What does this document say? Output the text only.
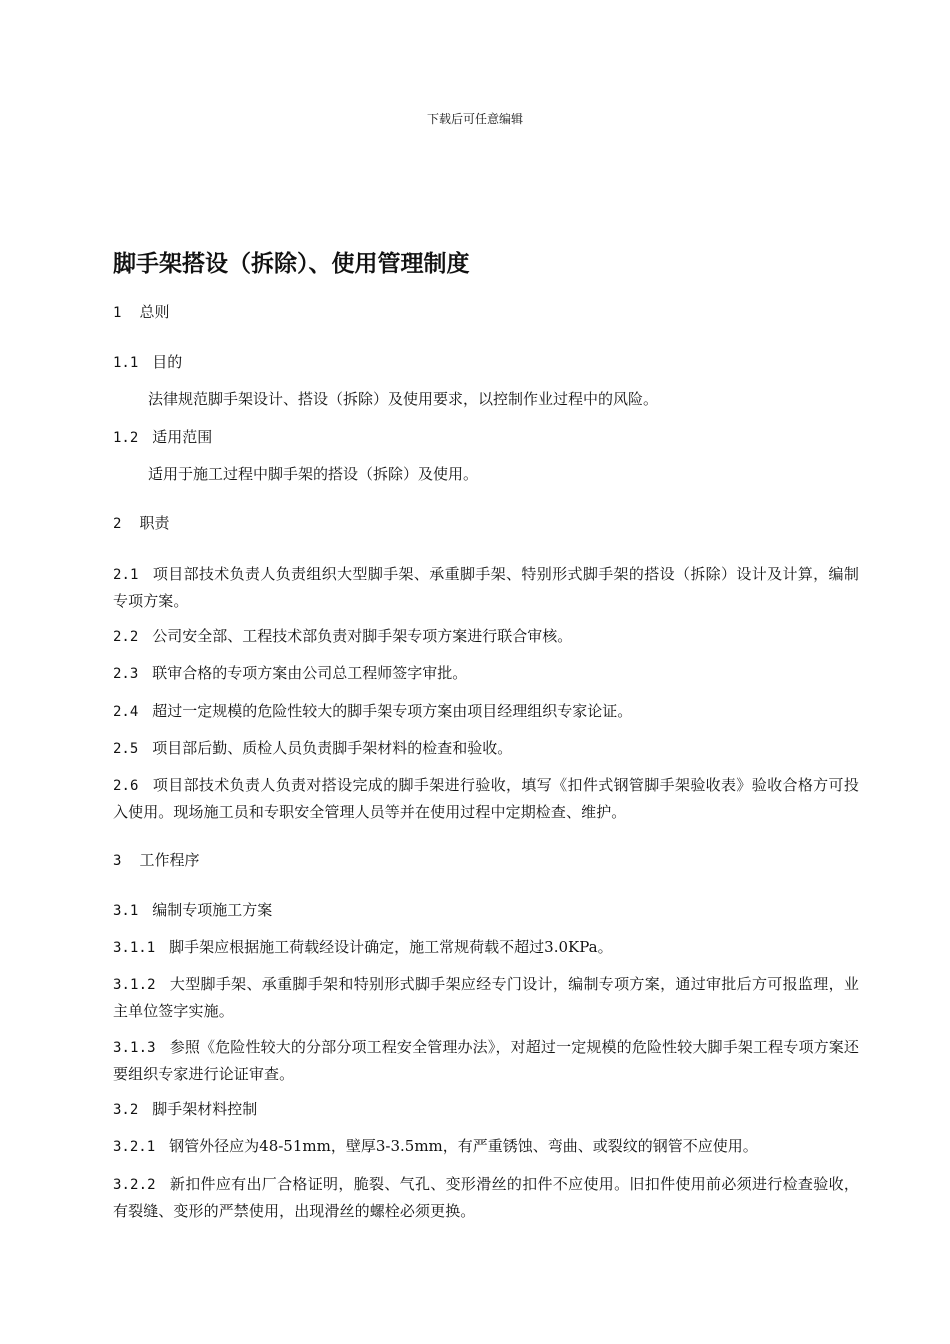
下载后可任意编辑
脚手架搭设（拆除）、使用管理制度

1 总则

1.1 目的

法律规范脚手架设计、搭设（拆除）及使用要求，以控制作业过程中的风险。

1.2 适用范围

适用于施工过程中脚手架的搭设（拆除）及使用。

2 职责

2.1 项目部技术负责人负责组织大型脚手架、承重脚手架、特别形式脚手架的搭设（拆除）设计及计算，编制专项方案。

2.2 公司安全部、工程技术部负责对脚手架专项方案进行联合审核。

2.3 联审合格的专项方案由公司总工程师签字审批。

2.4 超过一定规模的危险性较大的脚手架专项方案由项目经理组织专家论证。

2.5 项目部后勤、质检人员负责脚手架材料的检查和验收。

2.6 项目部技术负责人负责对搭设完成的脚手架进行验收，填写《扣件式钢管脚手架验收表》验收合格方可投入使用。现场施工员和专职安全管理人员等并在使用过程中定期检查、维护。

3 工作程序

3.1 编制专项施工方案

3.1.1 脚手架应根据施工荷载经设计确定，施工常规荷载不超过3.0KPa。

3.1.2 大型脚手架、承重脚手架和特别形式脚手架应经专门设计，编制专项方案，通过审批后方可报监理，业主单位签字实施。

3.1.3 参照《危险性较大的分部分项工程安全管理办法》，对超过一定规模的危险性较大脚手架工程专项方案还要组织专家进行论证审查。

3.2 脚手架材料控制

3.2.1 钢管外径应为48-51mm，壁厚3-3.5mm，有严重锈蚀、弯曲、或裂纹的钢管不应使用。

3.2.2 新扣件应有出厂合格证明，脆裂、气孔、变形滑丝的扣件不应使用。旧扣件使用前必须进行检查验收，有裂缝、变形的严禁使用，出现滑丝的螺栓必须更换。
